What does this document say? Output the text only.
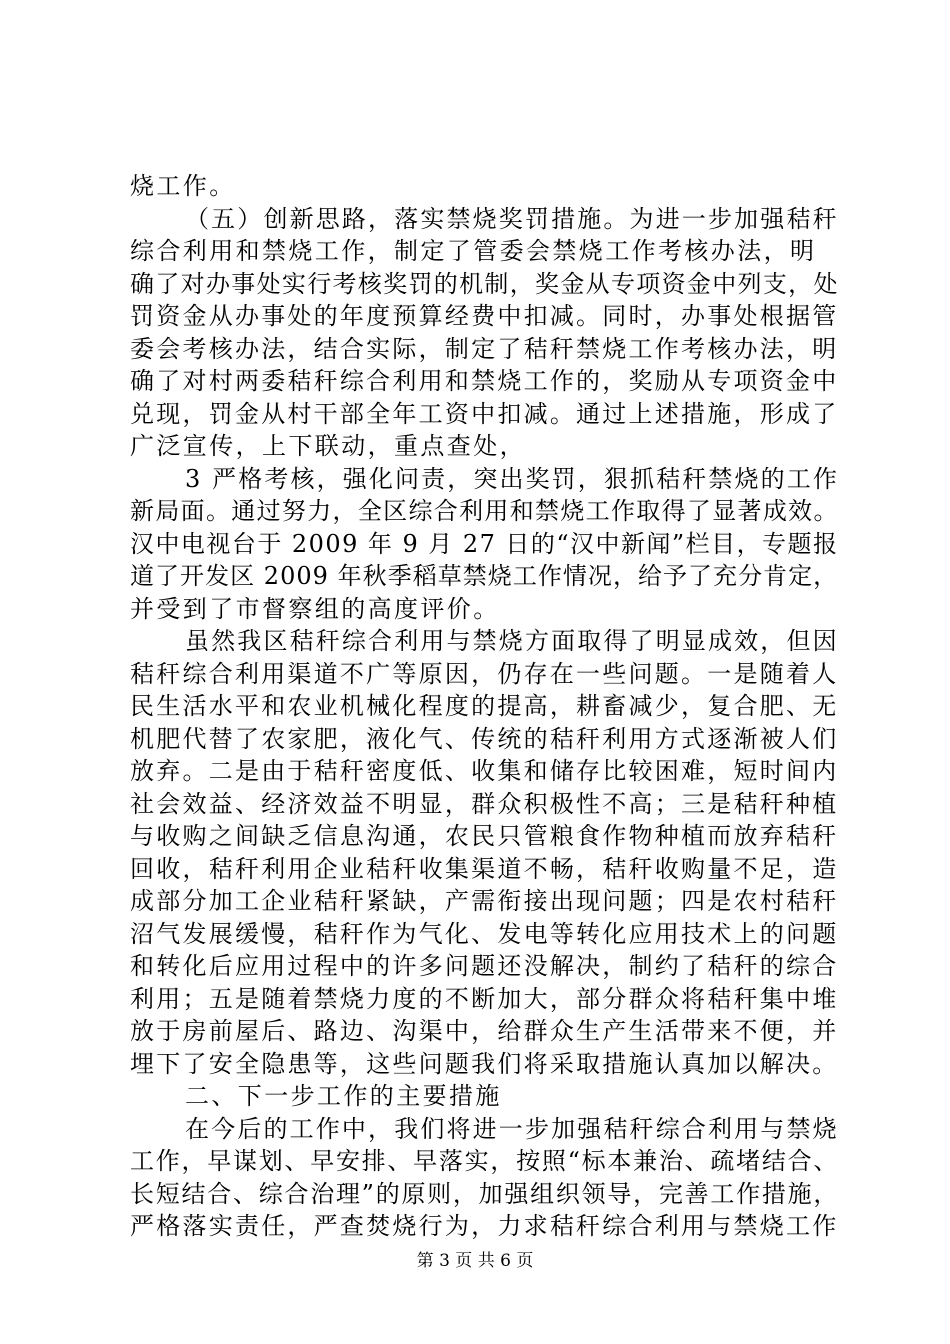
烧工作。
（五）创新思路，落实禁烧奖罚措施。为进一步加强秸秆
综合利用和禁烧工作，制定了管委会禁烧工作考核办法，明
确了对办事处实行考核奖罚的机制，奖金从专项资金中列支，处
罚资金从办事处的年度预算经费中扣减。同时，办事处根据管
委会考核办法，结合实际，制定了秸秆禁烧工作考核办法，明
确了对村两委秸秆综合利用和禁烧工作的，奖励从专项资金中
兑现，罚金从村干部全年工资中扣减。通过上述措施，形成了
广泛宣传，上下联动，重点查处，
3 严格考核，强化问责，突出奖罚，狠抓秸秆禁烧的工作
新局面。通过努力，全区综合利用和禁烧工作取得了显著成效。
汉中电视台于 2009 年 9 月 27 日的“汉中新闻”栏目，专题报
道了开发区 2009 年秋季稻草禁烧工作情况，给予了充分肯定，
并受到了市督察组的高度评价。
虽然我区秸秆综合利用与禁烧方面取得了明显成效，但因
秸秆综合利用渠道不广等原因，仍存在一些问题。一是随着人
民生活水平和农业机械化程度的提高，耕畜减少，复合肥、无
机肥代替了农家肥，液化气、传统的秸秆利用方式逐渐被人们
放弃。二是由于秸秆密度低、收集和储存比较困难，短时间内
社会效益、经济效益不明显，群众积极性不高；三是秸秆种植
与收购之间缺乏信息沟通，农民只管粮食作物种植而放弃秸秆
回收，秸秆利用企业秸秆收集渠道不畅，秸秆收购量不足，造
成部分加工企业秸秆紧缺，产需衔接出现问题；四是农村秸秆
沼气发展缓慢，秸秆作为气化、发电等转化应用技术上的问题
和转化后应用过程中的许多问题还没解决，制约了秸秆的综合
利用；五是随着禁烧力度的不断加大，部分群众将秸秆集中堆
放于房前屋后、路边、沟渠中，给群众生产生活带来不便，并
埋下了安全隐患等，这些问题我们将采取措施认真加以解决。
二、下一步工作的主要措施
在今后的工作中，我们将进一步加强秸秆综合利用与禁烧
工作，早谋划、早安排、早落实，按照“标本兼治、疏堵结合、
长短结合、综合治理”的原则，加强组织领导，完善工作措施，
严格落实责任，严查焚烧行为，力求秸秆综合利用与禁烧工作
第 3 页 共 6 页
